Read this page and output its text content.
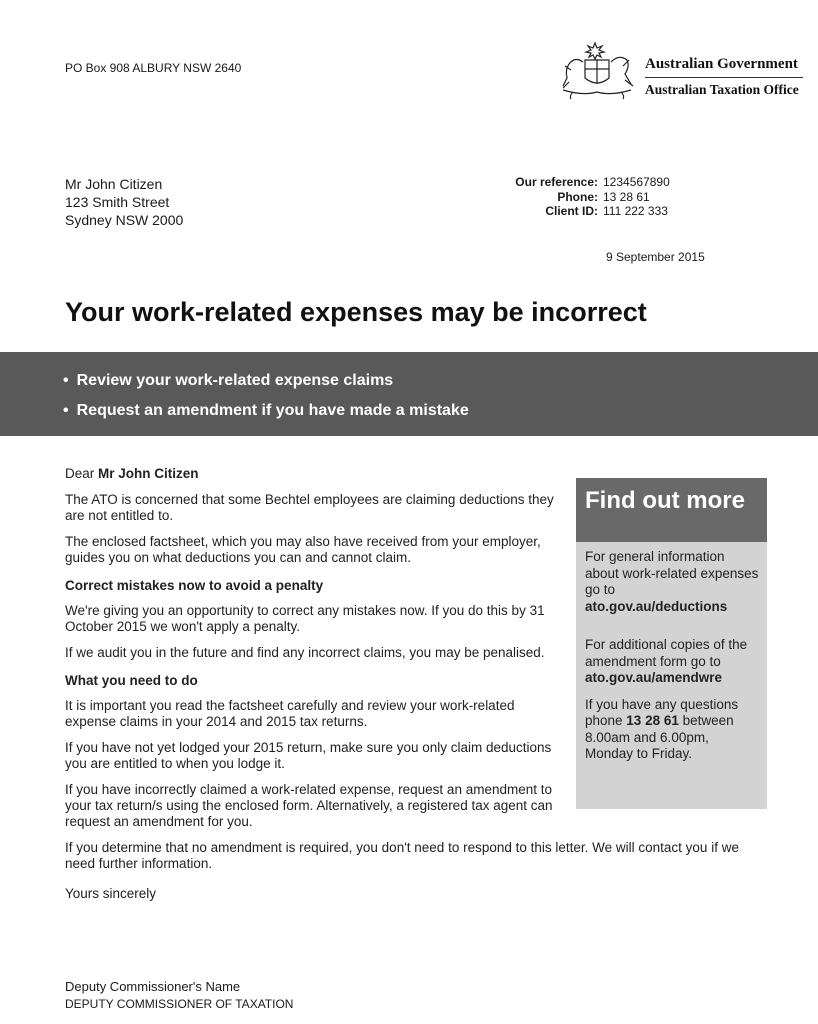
PO Box 908 ALBURY NSW 2640	Australian Government
Australian Taxation Office
Mr John Citizen
123 Smith Street
Sydney NSW 2000
Our reference: 1234567890
Phone: 13 28 61
Client ID: 111 222 333
9 September 2015
Your work-related expenses may be incorrect
• Review your work-related expense claims
• Request an amendment if you have made a mistake

Dear Mr John Citizen

The ATO is concerned that some Bechtel employees are claiming deductions they are not entitled to.

The enclosed factsheet, which you may also have received from your employer, guides you on what deductions you can and cannot claim.

Correct mistakes now to avoid a penalty

We're giving you an opportunity to correct any mistakes now. If you do this by 31 October 2015 we won't apply a penalty.

If we audit you in the future and find any incorrect claims, you may be penalised.

What you need to do

It is important you read the factsheet carefully and review your work-related expense claims in your 2014 and 2015 tax returns.

If you have not yet lodged your 2015 return, make sure you only claim deductions you are entitled to when you lodge it.

If you have incorrectly claimed a work-related expense, request an amendment to your tax return/s using the enclosed form. Alternatively, a registered tax agent can request an amendment for you.

If you determine that no amendment is required, you don't need to respond to this letter. We will contact you if we need further information.

Yours sincerely

Find out more

For general information about work-related expenses go to
ato.gov.au/deductions

For additional copies of the amendment form go to
ato.gov.au/amendwre

If you have any questions phone 13 28 61 between 8.00am and 6.00pm, Monday to Friday.

Deputy Commissioner's Name
DEPUTY COMMISSIONER OF TAXATION
